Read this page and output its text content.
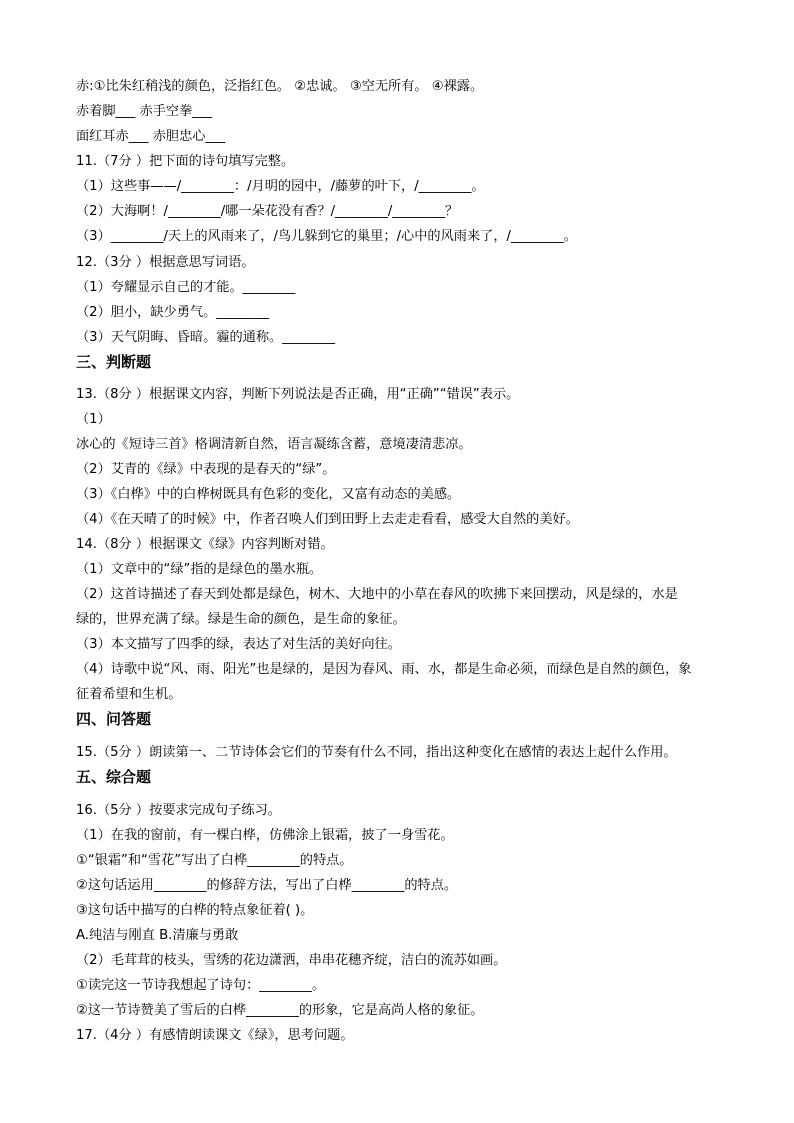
赤:①比朱红稍浅的颜色，泛指红色。 ②忠诚。 ③空无所有。 ④裸露。
赤着脚___ 赤手空拳___
面红耳赤___ 赤胆忠心___
11.（7分 ）把下面的诗句填写完整。
（1）这些事——/________：/月明的园中，/藤萝的叶下，/________。
（2）大海啊！/________/哪一朵花没有香？/________/________？
（3）________/天上的风雨来了，/鸟儿躲到它的巢里；/心中的风雨来了，/________。
12.（3分 ）根据意思写词语。
（1）夸耀显示自己的才能。________
（2）胆小，缺少勇气。________
（3）天气阴晦、昏暗。霾的通称。________
三、判断题
13.（8分 ）根据课文内容，判断下列说法是否正确，用“正确”“错误”表示。
（1）
冰心的《短诗三首》格调清新自然，语言凝练含蓄，意境凄清悲凉。
（2）艾青的《绿》中表现的是春天的“绿”。
（3）《白桦》中的白桦树既具有色彩的变化，又富有动态的美感。
（4）《在天晴了的时候》中，作者召唤人们到田野上去走走看看，感受大自然的美好。
14.（8分 ）根据课文《绿》内容判断对错。
（1）文章中的“绿”指的是绿色的墨水瓶。
（2）这首诗描述了春天到处都是绿色，树木、大地中的小草在春风的吹拂下来回摆动，风是绿的，水是
绿的，世界充满了绿。绿是生命的颜色，是生命的象征。
（3）本文描写了四季的绿，表达了对生活的美好向往。
（4）诗歌中说“风、雨、阳光”也是绿的，是因为春风、雨、水，都是生命必须，而绿色是自然的颜色，象
征着希望和生机。
四、问答题
15.（5分 ）朗读第一、二节诗体会它们的节奏有什么不同，指出这种变化在感情的表达上起什么作用。
五、综合题
16.（5分 ）按要求完成句子练习。
（1）在我的窗前，有一棵白桦，仿佛涂上银霜，披了一身雪花。
①“银霜”和“雪花”写出了白桦________的特点。
②这句话运用________的修辞方法，写出了白桦________的特点。
③这句话中描写的白桦的特点象征着( )。
A.纯洁与刚直 B.清廉与勇敢
（2）毛茸茸的枝头，雪绣的花边潇洒，串串花穗齐绽，洁白的流苏如画。
①读完这一节诗我想起了诗句：________。
②这一节诗赞美了雪后的白桦________的形象，它是高尚人格的象征。
17.（4分 ）有感情朗读课文《绿》，思考问题。
